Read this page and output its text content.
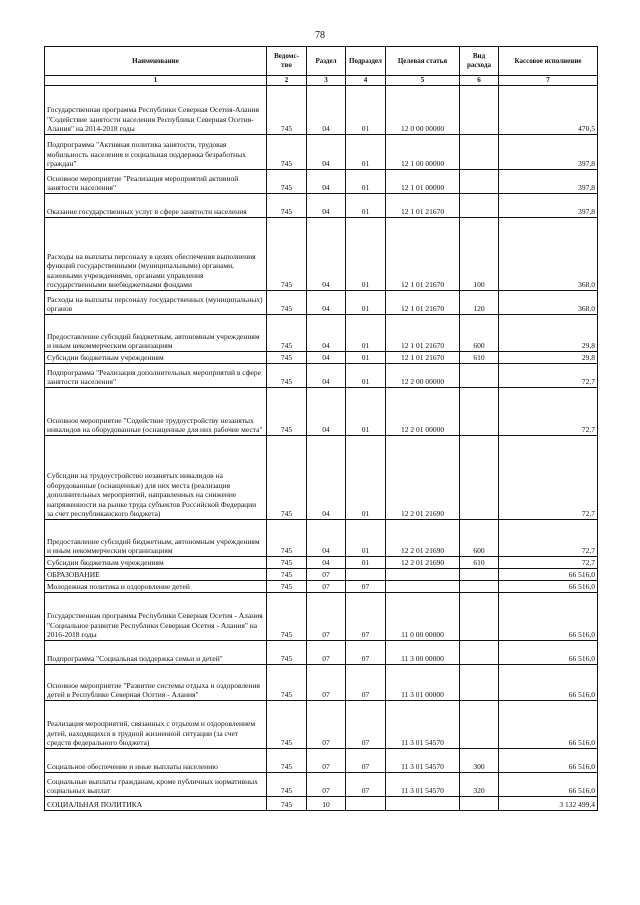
78
Наименование	Ведомс-тво	Раздел	Подраздел	Целевая статья	Вид расхода	Кассовое исполнение
1	2	3	4	5	6	7
Государственная программа Республики Северная Осетия-Алания "Содействие занятости населения Республики Северная Осетия-Алания" на 2014-2018 годы	745	04	01	12 0 00 00000		470,5
Подпрограмма "Активная политика занятости, трудовая мобильность населения и социальная поддержка безработных граждан"	745	04	01	12 1 00 00000		397,8
Основное мероприятие "Реализация мероприятий активной занятости населения"	745	04	01	12 1 01 00000		397,8
Оказание государственных услуг в сфере занятости населения	745	04	01	12 1 01 21670		397,8
Расходы на выплаты персоналу в целях обеспечения выполнения функций государственными (муниципальными) органами, казенными учреждениями, органами управления государственными внебюджетными фондами	745	04	01	12 1 01 21670	100	368,0
Расходы на выплаты персоналу государственных (муниципальных) органов	745	04	01	12 1 01 21670	120	368,0
Предоставление субсидий бюджетным, автономным учреждениям и иным некоммерческим организациям	745	04	01	12 1 01 21670	600	29,8
Субсидии бюджетным учреждениям	745	04	01	12 1 01 21670	610	29,8
Подпрограмма "Реализация дополнительных мероприятий в сфере занятости населения"	745	04	01	12 2 00 00000		72,7
Основное мероприятие "Содействие трудоустройству незанятых инвалидов на оборудованные (оснащенные для них рабочие места"	745	04	01	12 2 01 00000		72,7
Субсидии на трудоустройство незанятых инвалидов на оборудованные (оснащенные) для них места (реализация дополнительных мероприятий, направленных на снижение напряженности на рынке труда субъектов Российской Федерации за счет республиканского бюджета)	745	04	01	12 2 01 21690		72,7
Предоставление субсидий бюджетным, автономным учреждениям и иным некоммерческим организациям	745	04	01	12 2 01 21690	600	72,7
Субсидии бюджетным учреждениям	745	04	01	12 2 01 21690	610	72,7
ОБРАЗОВАНИЕ	745	07				66 516,0
Молодежная политика и оздоровление детей	745	07	07			66 516,0
Государственная программа Республики Северная Осетия - Алания "Социальное развитие Республики Северная Осетия - Алания" на 2016-2018 годы	745	07	07	11 0 00 00000		66 516,0
Подпрограмма "Социальная поддержка семьи и детей"	745	07	07	11 3 00 00000		66 516,0
Основное мероприятие "Развитие системы отдыха и оздоровления детей в Республике Северная Осетия - Алания"	745	07	07	11 3 01 00000		66 516,0
Реализация мероприятий, связанных с отдыхом и оздоровлением детей, находящихся в трудной жизненной ситуации (за счет средств федерального бюджета)	745	07	07	11 3 01 54570		66 516,0
Социальное обеспечение и иные выплаты населению	745	07	07	11 3 01 54570	300	66 516,0
Социальные выплаты гражданам, кроме публичных нормативных социальных выплат	745	07	07	11 3 01 54570	320	66 516,0
СОЦИАЛЬНАЯ ПОЛИТИКА	745	10				3 132 499,4
